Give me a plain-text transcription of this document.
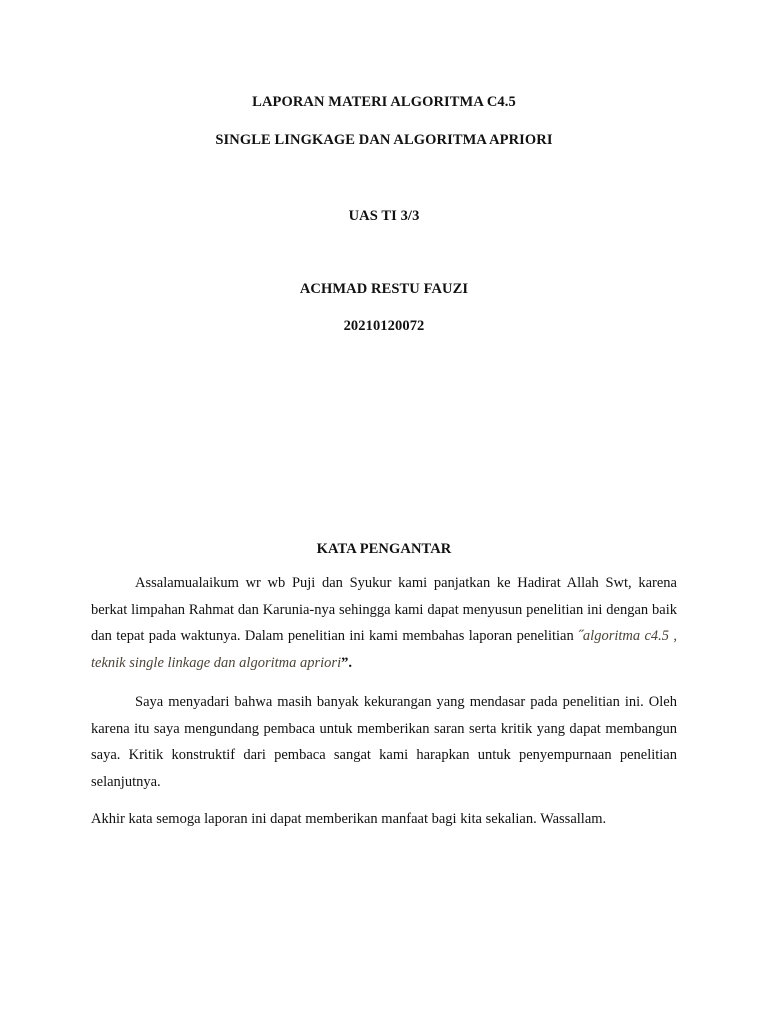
LAPORAN MATERI ALGORITMA C4.5
SINGLE LINGKAGE DAN ALGORITMA APRIORI
UAS TI 3/3
ACHMAD RESTU FAUZI
20210120072
KATA PENGANTAR

Assalamualaikum wr wb Puji dan Syukur kami panjatkan ke Hadirat Allah Swt, karena berkat limpahan Rahmat dan Karunia-nya sehingga kami dapat menyusun penelitian ini dengan baik dan tepat pada waktunya. Dalam penelitian ini kami membahas laporan penelitian ˝algoritma c4.5 , teknik single linkage dan algoritma apriori”.

Saya menyadari bahwa masih banyak kekurangan yang mendasar pada penelitian ini. Oleh karena itu saya mengundang pembaca untuk memberikan saran serta kritik yang dapat membangun saya. Kritik konstruktif dari pembaca sangat kami harapkan untuk penyempurnaan penelitian selanjutnya.

Akhir kata semoga laporan ini dapat memberikan manfaat bagi kita sekalian. Wassallam.
